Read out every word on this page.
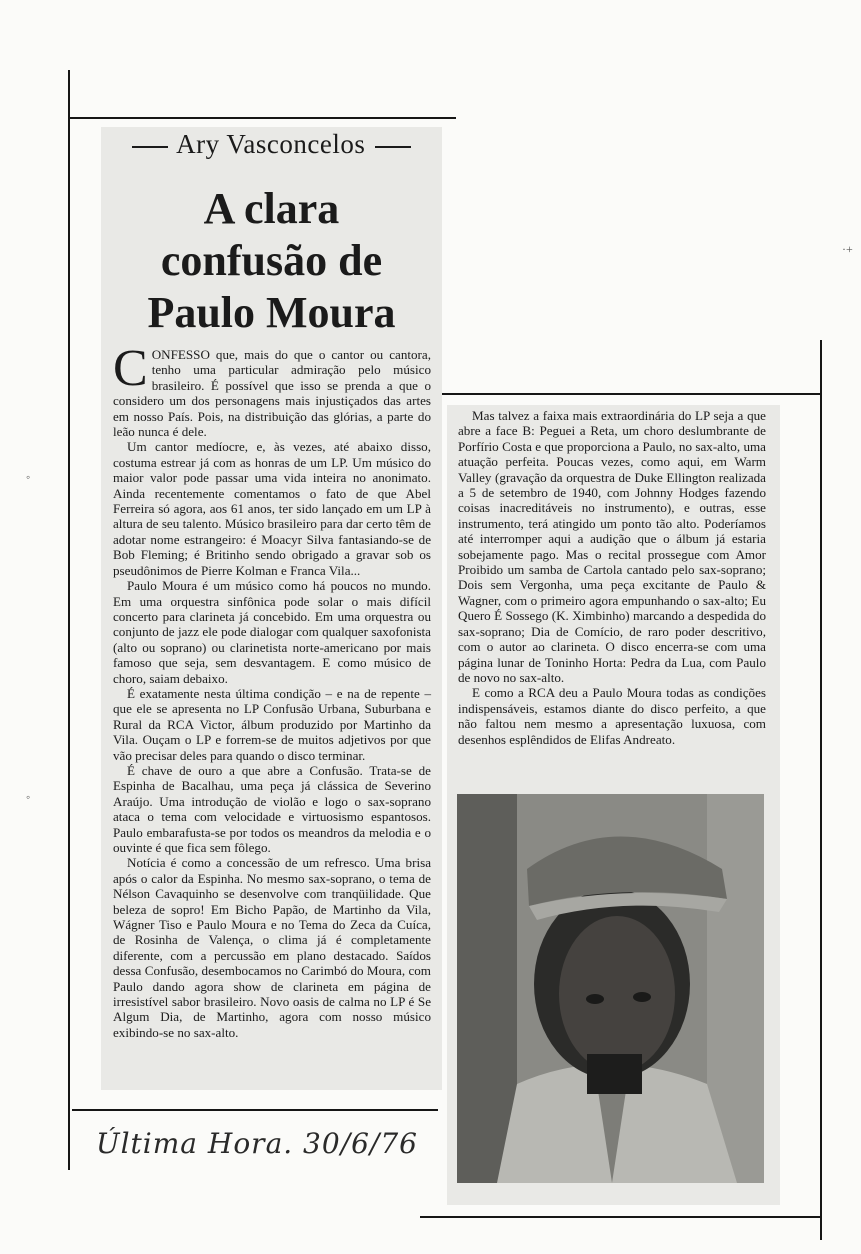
◦
◦
·+
Ary Vasconcelos
A clara
confusão de
Paulo Moura

CONFESSO que, mais do que o cantor ou cantora, tenho uma particular admiração pelo músico brasileiro. É possível que isso se prenda a que o considero um dos personagens mais injustiçados das artes em nosso País. Pois, na distribuição das glórias, a parte do leão nunca é dele.

Um cantor medíocre, e, às vezes, até abaixo disso, costuma estrear já com as honras de um LP. Um músico do maior valor pode passar uma vida inteira no anonimato. Ainda recentemente comentamos o fato de que Abel Ferreira só agora, aos 61 anos, ter sido lançado em um LP à altura de seu talento. Músico brasileiro para dar certo têm de adotar nome estrangeiro: é Moacyr Silva fantasiando-se de Bob Fleming; é Britinho sendo obrigado a gravar sob os pseudônimos de Pierre Kolman e Franca Vila...

Paulo Moura é um músico como há poucos no mundo. Em uma orquestra sinfônica pode solar o mais difícil concerto para clarineta já concebido. Em uma orquestra ou conjunto de jazz ele pode dialogar com qualquer saxofonista (alto ou soprano) ou clarinetista norte-americano por mais famoso que seja, sem desvantagem. E como músico de choro, saiam debaixo.

É exatamente nesta última condição – e na de repente – que ele se apresenta no LP Confusão Urbana, Suburbana e Rural da RCA Victor, álbum produzido por Martinho da Vila. Ouçam o LP e forrem-se de muitos adjetivos por que vão precisar deles para quando o disco terminar.

É chave de ouro a que abre a Confusão. Trata-se de Espinha de Bacalhau, uma peça já clássica de Severino Araújo. Uma introdução de violão e logo o sax-soprano ataca o tema com velocidade e virtuosismo espantosos. Paulo embarafusta-se por todos os meandros da melodia e o ouvinte é que fica sem fôlego.

Notícia é como a concessão de um refresco. Uma brisa após o calor da Espinha. No mesmo sax-soprano, o tema de Nélson Cavaquinho se desenvolve com tranqüilidade. Que beleza de sopro! Em Bicho Papão, de Martinho da Vila, Wágner Tiso e Paulo Moura e no Tema do Zeca da Cuíca, de Rosinha de Valença, o clima já é completamente diferente, com a percussão em plano destacado. Saídos dessa Confusão, desembocamos no Carimbó do Moura, com Paulo dando agora show de clarineta em página de irresistível sabor brasileiro. Novo oasis de calma no LP é Se Algum Dia, de Martinho, agora com nosso músico exibindo-se no sax-alto.

Mas talvez a faixa mais extraordinária do LP seja a que abre a face B: Peguei a Reta, um choro deslumbrante de Porfírio Costa e que proporciona a Paulo, no sax-alto, uma atuação perfeita. Poucas vezes, como aqui, em Warm Valley (gravação da orquestra de Duke Ellington realizada a 5 de setembro de 1940, com Johnny Hodges fazendo coisas inacreditáveis no instrumento), e outras, esse instrumento, terá atingido um ponto tão alto. Poderíamos até interromper aqui a audição que o álbum já estaria sobejamente pago. Mas o recital prossegue com Amor Proibido um samba de Cartola cantado pelo sax-soprano; Dois sem Vergonha, uma peça excitante de Paulo & Wagner, com o primeiro agora empunhando o sax-alto; Eu Quero É Sossego (K. Ximbinho) marcando a despedida do sax-soprano; Dia de Comício, de raro poder descritivo, com o autor ao clarineta. O disco encerra-se com uma página lunar de Toninho Horta: Pedra da Lua, com Paulo de novo no sax-alto.

E como a RCA deu a Paulo Moura todas as condições indispensáveis, estamos diante do disco perfeito, a que não faltou nem mesmo a apresentação luxuosa, com desenhos esplêndidos de Elifas Andreato.

Última Hora. 30/6/76
